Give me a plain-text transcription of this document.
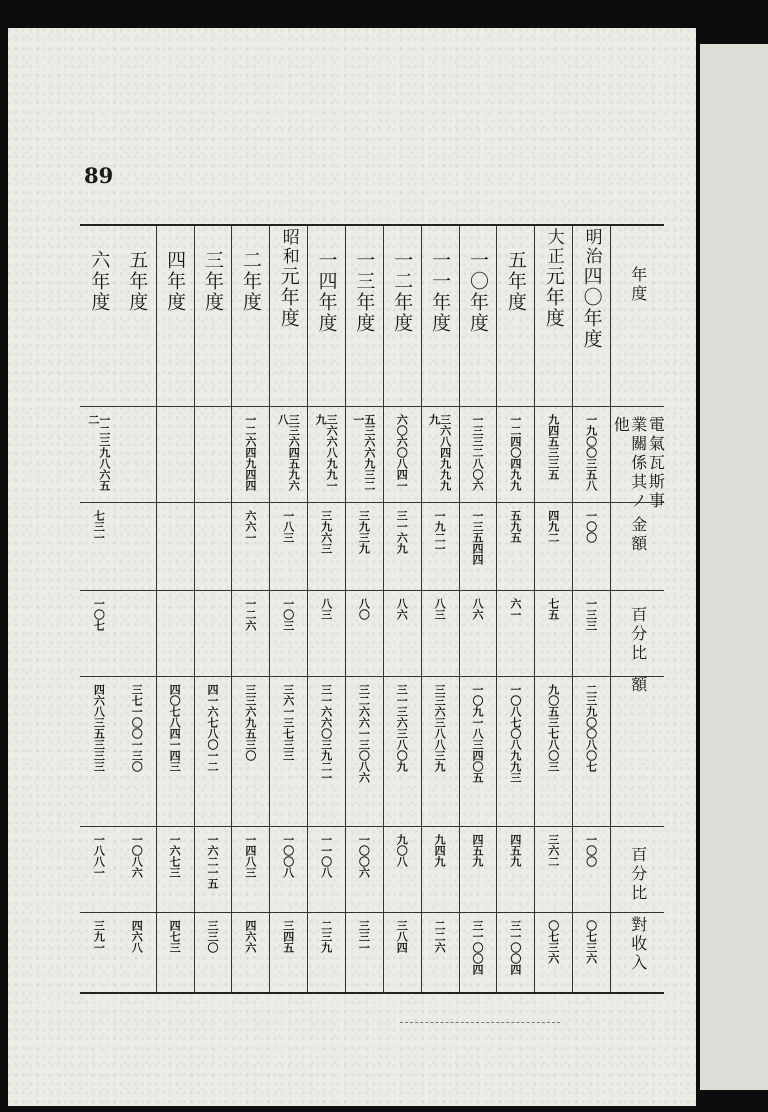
89
年度
電氣瓦斯事業關係其ノ他
金額
百分比
額
百分比
對收入
明治
四〇年度
一九〇〇三五八
一〇〇
一三三
二三九〇〇八〇七
一〇〇
〇七三六
大正
元年度
九四五三三五
四九二
七五
九〇五三七八〇三
三六二
〇七三六
五年度
一二四〇四九九
五九五
六一
一〇八七〇八九九三
四五九
三一〇〇四
一〇年度
一三三二八〇六
一三五四四
八六
一〇九一八三四〇五
四五九
三一〇〇四
一一年度
三六八四九九九九
一九二一
八三
三三六三八八三九
九四九
二二六
一二年度
六〇六〇八四一
三一六九
八六
三一三六三八〇九
九〇八
三八四
一三年度
五三六六九三二一
三九三九
八〇
三二六六一三〇八六
一〇〇六
三三一
一四年度
三六六八九九一九
三九六三
八三
三一六六〇三九二一
一一〇八
二三九
昭和
元年度
三三六四五九六八
一八三
一〇三
三六一三七三三
一〇〇八
三四五
二年度
一二六四九四四
六六一
一二六
三三六九五三〇
一四八三
四六六
三年度
四一六七八〇一二
一六二一五
三三〇
四年度
四〇七八四一四三
一六七三
四七三
五年度
三七一〇〇一三〇
一〇八六
四六八
六年度
一二三九八六五二
七三一
一〇七
四六八三五三三三
一八八一
三九一
